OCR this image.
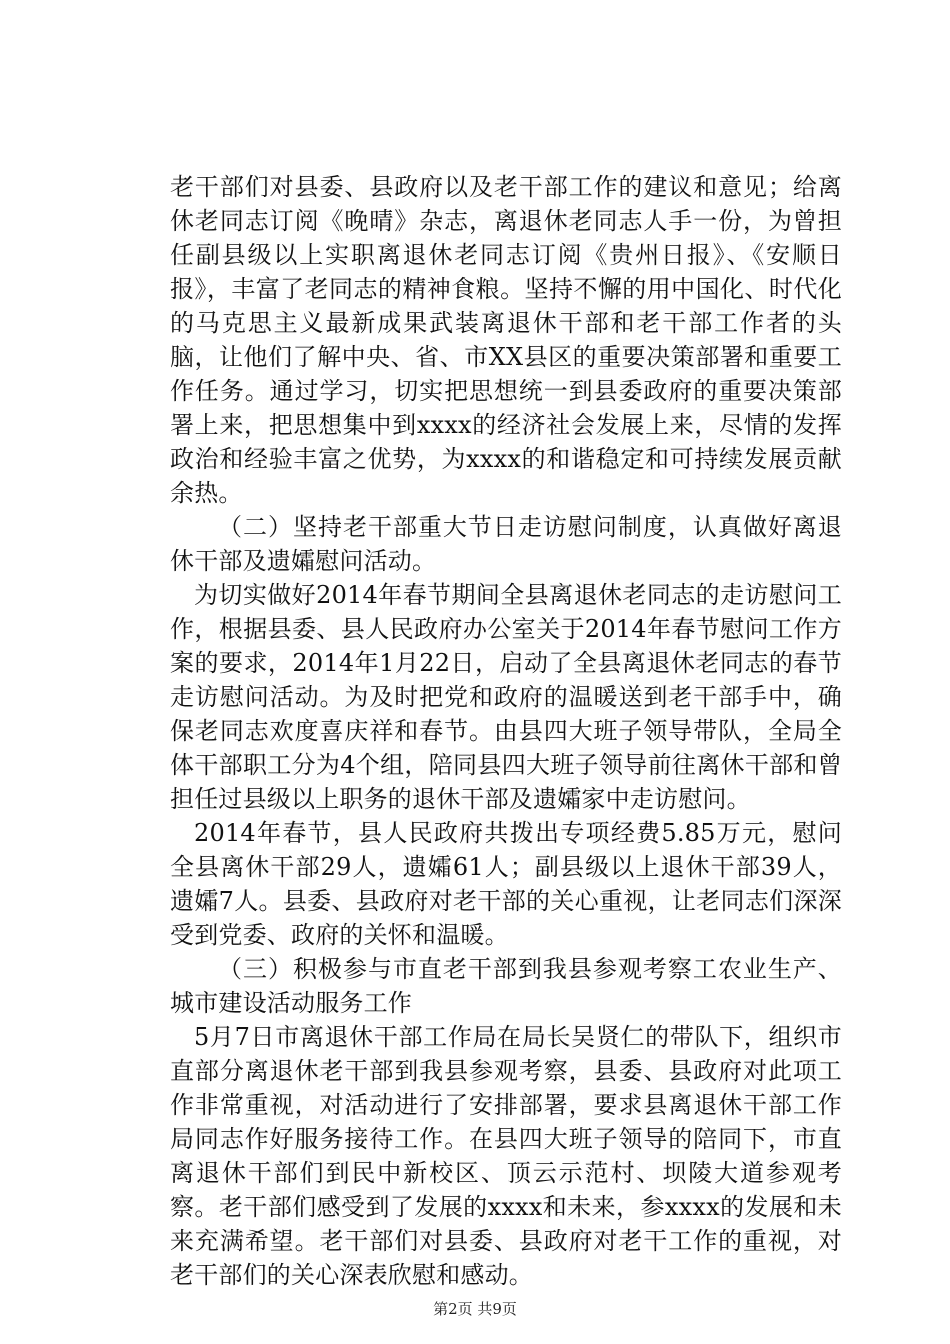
老干部们对县委、县政府以及老干部工作的建议和意见；给离休老同志订阅《晚晴》杂志，离退休老同志人手一份，为曾担任副县级以上实职离退休老同志订阅《贵州日报》、《安顺日报》，丰富了老同志的精神食粮。坚持不懈的用中国化、时代化的马克思主义最新成果武装离退休干部和老干部工作者的头脑，让他们了解中央、省、市XX县区的重要决策部署和重要工作任务。通过学习，切实把思想统一到县委政府的重要决策部署上来，把思想集中到xxxx的经济社会发展上来，尽情的发挥政治和经验丰富之优势，为xxxx的和谐稳定和可持续发展贡献余热。

（二）坚持老干部重大节日走访慰问制度，认真做好离退休干部及遗孀慰问活动。

为切实做好2014年春节期间全县离退休老同志的走访慰问工作，根据县委、县人民政府办公室关于2014年春节慰问工作方案的要求，2014年1月22日，启动了全县离退休老同志的春节走访慰问活动。为及时把党和政府的温暖送到老干部手中，确保老同志欢度喜庆祥和春节。由县四大班子领导带队，全局全体干部职工分为4个组，陪同县四大班子领导前往离休干部和曾担任过县级以上职务的退休干部及遗孀家中走访慰问。

2014年春节，县人民政府共拨出专项经费5.85万元，慰问全县离休干部29人，遗孀61人；副县级以上退休干部39人，遗孀7人。县委、县政府对老干部的关心重视，让老同志们深深受到党委、政府的关怀和温暖。

（三）积极参与市直老干部到我县参观考察工农业生产、城市建设活动服务工作

5月7日市离退休干部工作局在局长吴贤仁的带队下，组织市直部分离退休老干部到我县参观考察，县委、县政府对此项工作非常重视，对活动进行了安排部署，要求县离退休干部工作局同志作好服务接待工作。在县四大班子领导的陪同下，市直离退休干部们到民中新校区、顶云示范村、坝陵大道参观考察。老干部们感受到了发展的xxxx和未来，参xxxx的发展和未来充满希望。老干部们对县委、县政府对老干工作的重视，对老干部们的关心深表欣慰和感动。

第2页 共9页
